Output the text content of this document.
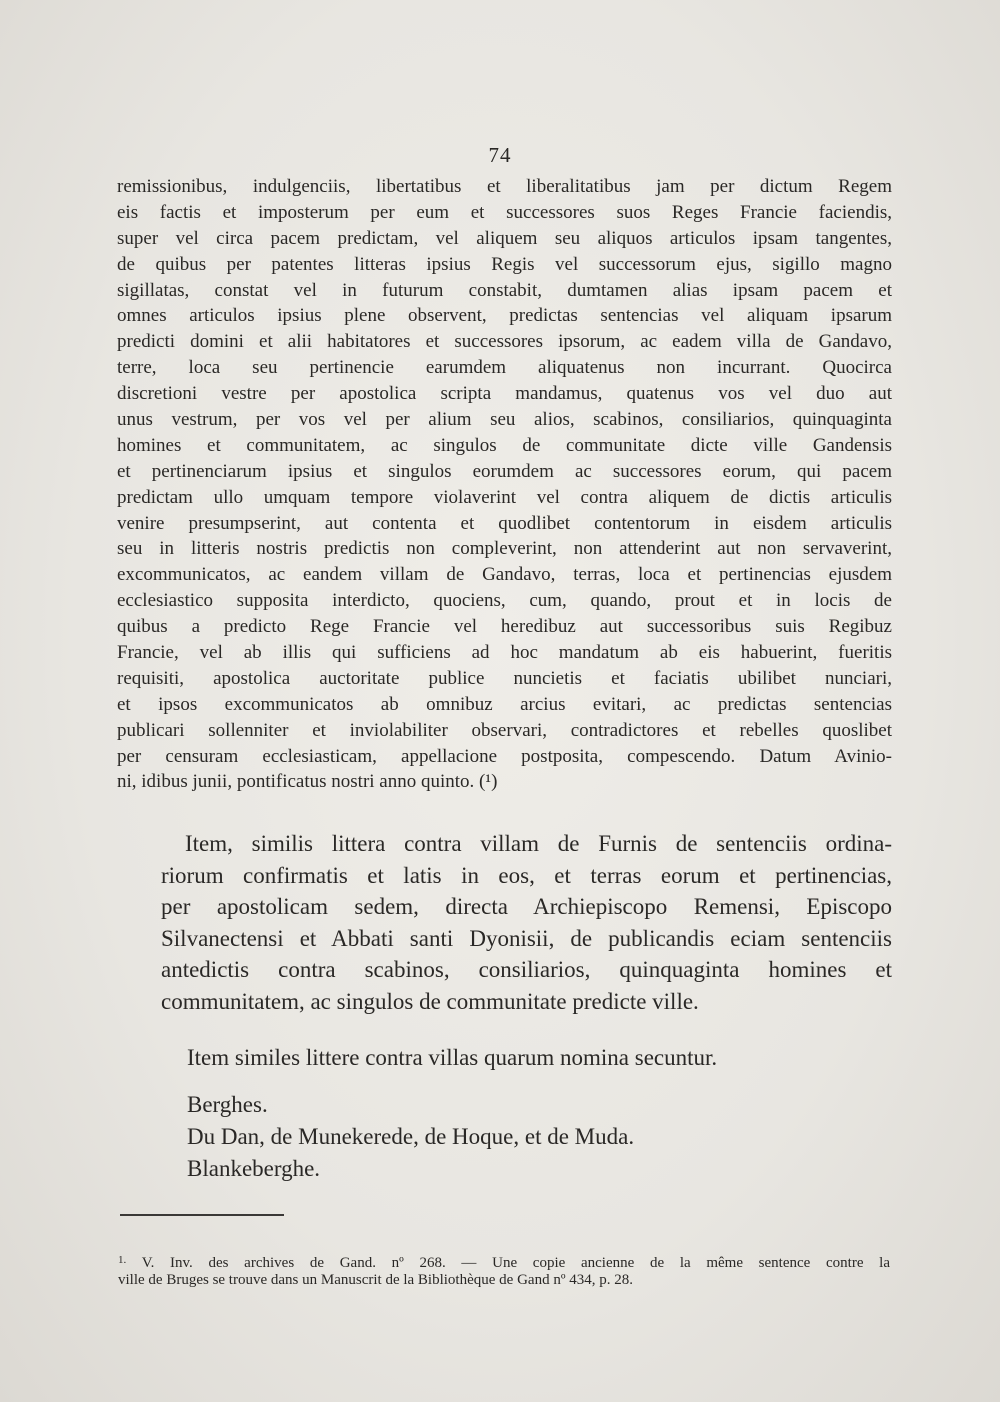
74
remissionibus, indulgenciis, libertatibus et liberalitatibus jam per dictum Regem
eis factis et imposterum per eum et successores suos Reges Francie faciendis,
super vel circa pacem predictam, vel aliquem seu aliquos articulos ipsam tangentes,
de quibus per patentes litteras ipsius Regis vel successorum ejus, sigillo magno
sigillatas, constat vel in futurum constabit, dumtamen alias ipsam pacem et
omnes articulos ipsius plene observent, predictas sentencias vel aliquam ipsarum
predicti domini et alii habitatores et successores ipsorum, ac eadem villa de Gandavo,
terre, loca seu pertinencie earumdem aliquatenus non incurrant. Quocirca
discretioni vestre per apostolica scripta mandamus, quatenus vos vel duo aut
unus vestrum, per vos vel per alium seu alios, scabinos, consiliarios, quinquaginta
homines et communitatem, ac singulos de communitate dicte ville Gandensis
et pertinenciarum ipsius et singulos eorumdem ac successores eorum, qui pacem
predictam ullo umquam tempore violaverint vel contra aliquem de dictis articulis
venire presumpserint, aut contenta et quodlibet contentorum in eisdem articulis
seu in litteris nostris predictis non compleverint, non attenderint aut non servaverint,
excommunicatos, ac eandem villam de Gandavo, terras, loca et pertinencias ejusdem
ecclesiastico supposita interdicto, quociens, cum, quando, prout et in locis de
quibus a predicto Rege Francie vel heredibuz aut successoribus suis Regibuz
Francie, vel ab illis qui sufficiens ad hoc mandatum ab eis habuerint, fueritis
requisiti, apostolica auctoritate publice nuncietis et faciatis ubilibet nunciari,
et ipsos excommunicatos ab omnibuz arcius evitari, ac predictas sentencias
publicari sollenniter et inviolabiliter observari, contradictores et rebelles quoslibet
per censuram ecclesiasticam, appellacione postposita, compescendo. Datum Avinio-
ni, idibus junii, pontificatus nostri anno quinto. (¹)
Item, similis littera contra villam de Furnis de sentenciis ordina-
riorum confirmatis et latis in eos, et terras eorum et pertinencias,
per apostolicam sedem, directa Archiepiscopo Remensi, Episcopo
Silvanectensi et Abbati santi Dyonisii, de publicandis eciam sentenciis
antedictis contra scabinos, consiliarios, quinquaginta homines et
communitatem, ac singulos de communitate predicte ville.
Item similes littere contra villas quarum nomina secuntur.
Berghes.
Du Dan, de Munekerede, de Hoque, et de Muda.
Blankeberghe.
$^{1.}$ V. Inv. des archives de Gand. nº 268. — Une copie ancienne de la même sentence contre la
ville de Bruges se trouve dans un Manuscrit de la Bibliothèque de Gand nº 434, p. 28.
